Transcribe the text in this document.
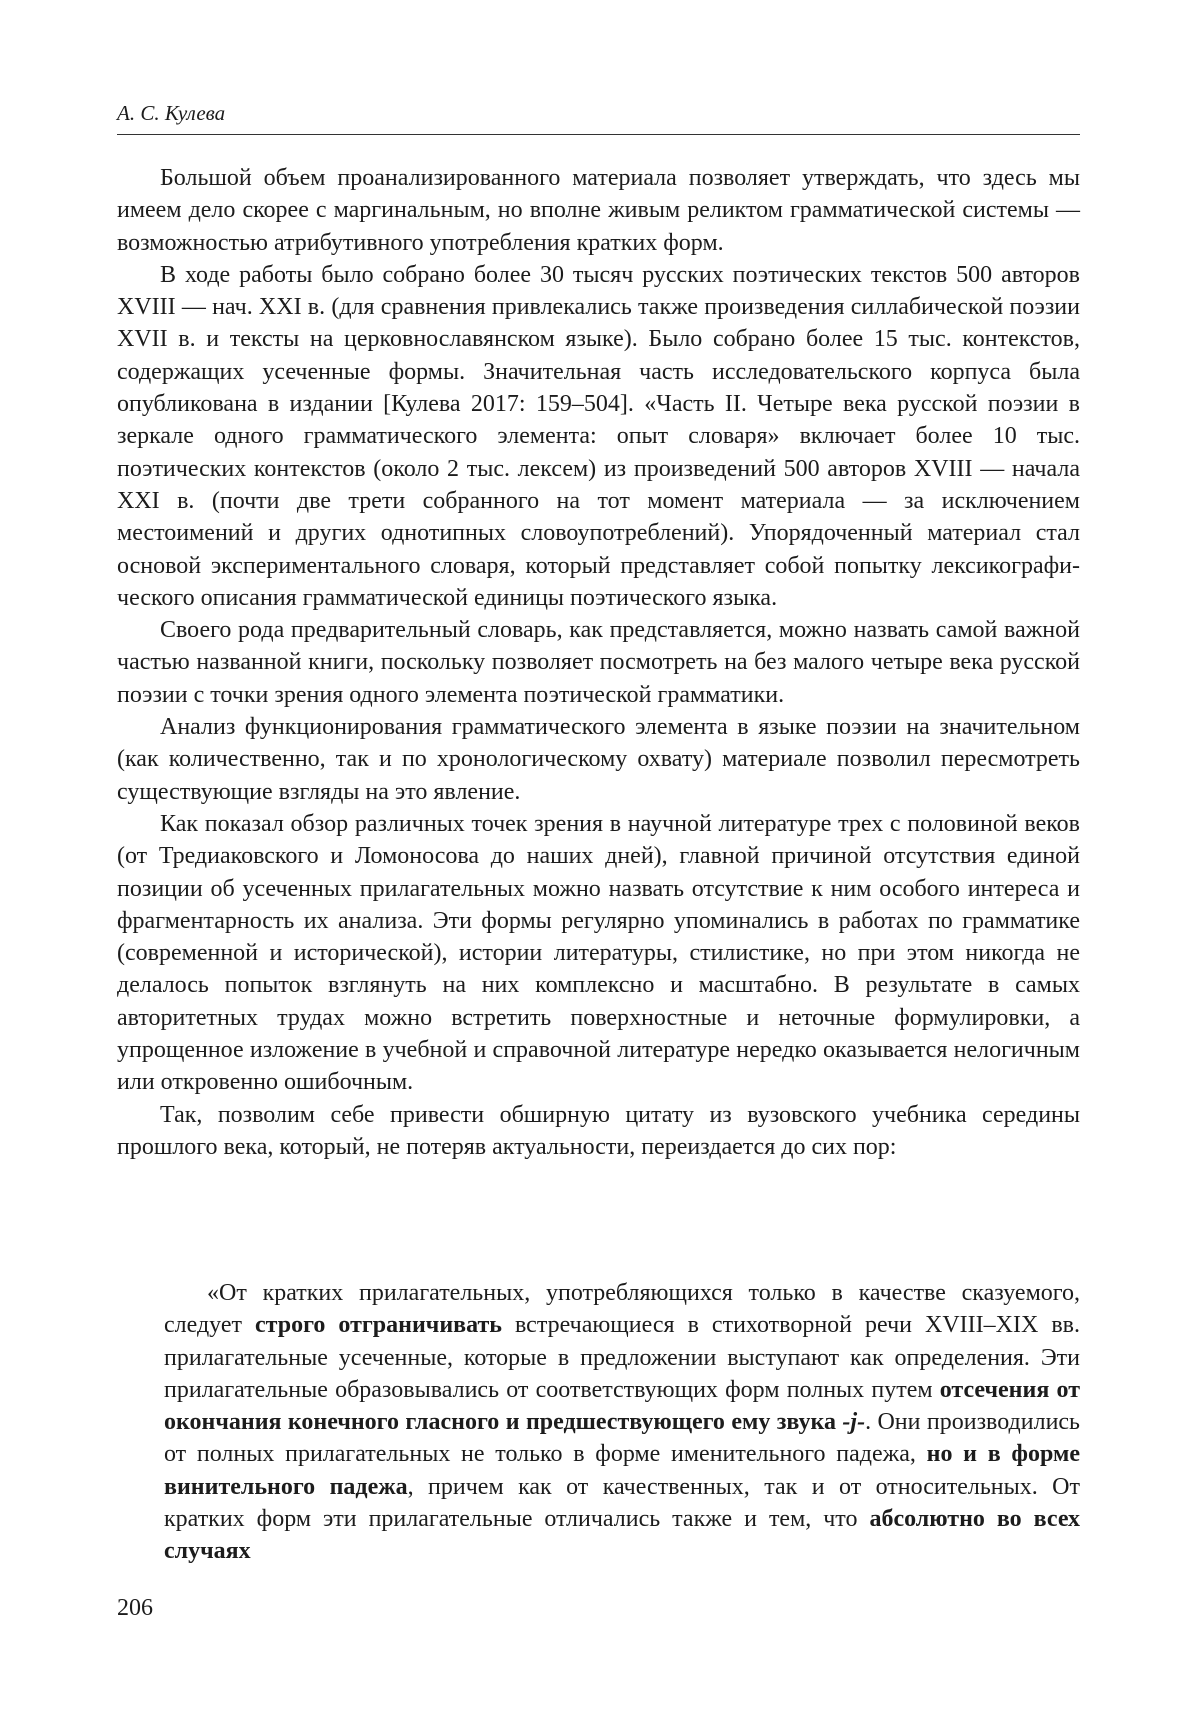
А. С. Кулева

Большой объем проанализированного материала позволяет утверждать, что здесь мы имеем дело скорее с маргинальным, но вполне живым реликтом грамматической системы — возможностью атрибутивного употребления кратких форм.

В ходе работы было собрано более 30 тысяч русских поэтических текстов 500 авторов XVIII — нач. XXI в. (для сравнения привлекались также произведения силлабической поэзии XVII в. и тексты на церковнославянском языке). Было собрано более 15 тыс. контекстов, содержащих усеченные формы. Значительная часть исследовательского корпуса была опубликована в издании [Кулева 2017: 159–504]. «Часть II. Четыре века русской поэзии в зеркале одного грамматического элемента: опыт словаря» включает более 10 тыс. поэтических контекстов (около 2 тыс. лексем) из произведений 500 авторов XVIII — начала XXI в. (почти две трети собранного на тот момент материала — за исключением местоимений и других однотипных словоупотреблений). Упорядоченный материал стал основой экспериментального словаря, который представляет собой попытку лексикографического описания грамматической единицы поэтического языка.

Своего рода предварительный словарь, как представляется, можно назвать самой важной частью названной книги, поскольку позволяет посмотреть на без малого четыре века русской поэзии с точки зрения одного элемента поэтической грамматики.

Анализ функционирования грамматического элемента в языке поэзии на значительном (как количественно, так и по хронологическому охвату) материале позволил пересмотреть существующие взгляды на это явление.

Как показал обзор различных точек зрения в научной литературе трех с половиной веков (от Тредиаковского и Ломоносова до наших дней), главной причиной отсутствия единой позиции об усеченных прилагательных можно назвать отсутствие к ним особого интереса и фрагментарность их анализа. Эти формы регулярно упоминались в работах по грамматике (современной и исторической), истории литературы, стилистике, но при этом никогда не делалось попыток взглянуть на них комплексно и масштабно. В результате в самых авторитетных трудах можно встретить поверхностные и неточные формулировки, а упрощенное изложение в учебной и справочной литературе нередко оказывается нелогичным или откровенно ошибочным.

Так, позволим себе привести обширную цитату из вузовского учебника середины прошлого века, который, не потеряв актуальности, переиздается до сих пор:

«От кратких прилагательных, употребляющихся только в качестве сказуемого, следует строго отграничивать встречающиеся в стихотворной речи XVIII–XIX вв. прилагательные усеченные, которые в предложении выступают как определения. Эти прилагательные образовывались от соответствующих форм полных путем отсечения от окончания конечного гласного и предшествующего ему звука -j-. Они производились от полных прилагательных не только в форме именительного падежа, но и в форме винительного падежа, причем как от качественных, так и от относительных. От кратких форм эти прилагательные отличались также и тем, что абсолютно во всех случаях

206
